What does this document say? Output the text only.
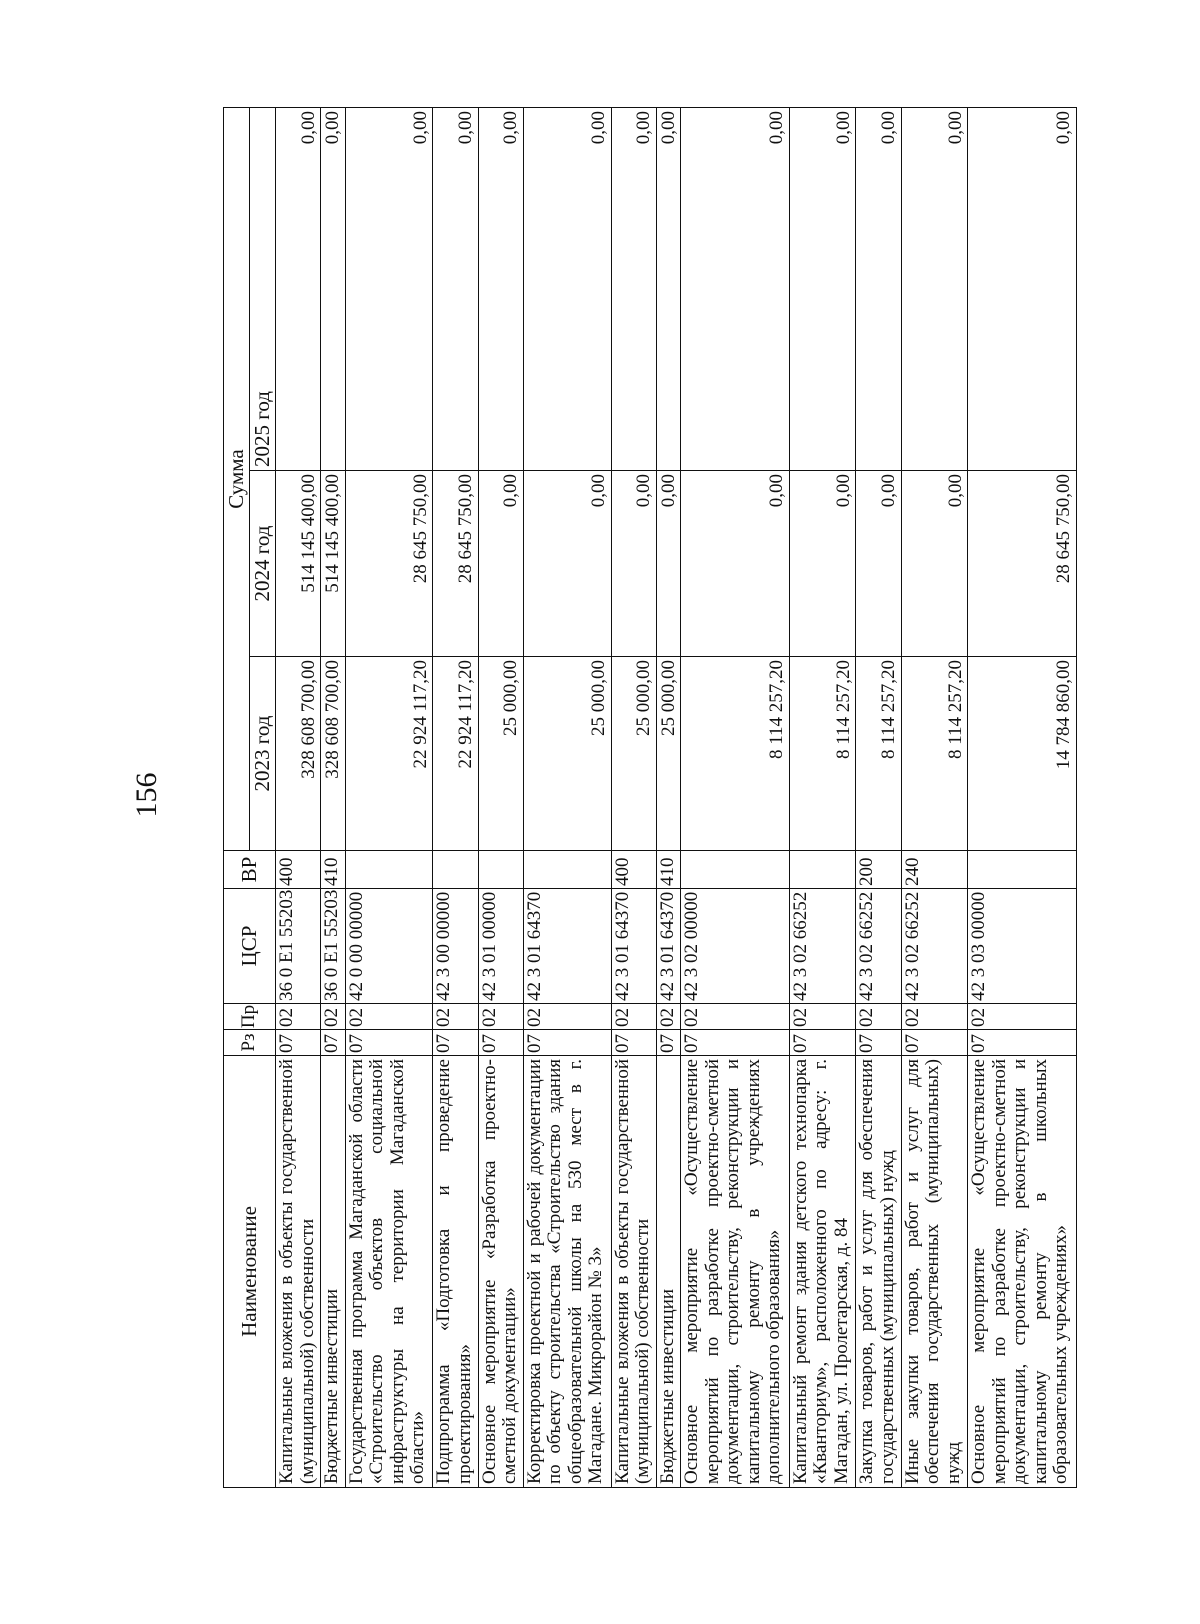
156
Наименование	Рз	Пр	ЦСР	ВР	Сумма		
					2023 год	2024 год	2025 год
Капитальные вложения в объекты государственной (муниципальной) собственности	07	02	36 0 E1 55203	400	328 608 700,00	514 145 400,00	0,00
Бюджетные инвестиции	07	02	36 0 E1 55203	410	328 608 700,00	514 145 400,00	0,00
Государственная программа Магаданской области «Строительство объектов социальной инфраструктуры на территории Магаданской области»	07	02	42 0 00 00000		22 924 117,20	28 645 750,00	0,00
Подпрограмма «Подготовка и проведение проектирования»	07	02	42 3 00 00000		22 924 117,20	28 645 750,00	0,00
Основное мероприятие «Разработка проектно-сметной документации»	07	02	42 3 01 00000		25 000,00	0,00	0,00
Корректировка проектной и рабочей документации по объекту строительства «Строительство здания общеобразовательной школы на 530 мест в г. Магадане. Микрорайон № 3»	07	02	42 3 01 64370		25 000,00	0,00	0,00
Капитальные вложения в объекты государственной (муниципальной) собственности	07	02	42 3 01 64370	400	25 000,00	0,00	0,00
Бюджетные инвестиции	07	02	42 3 01 64370	410	25 000,00	0,00	0,00
Основное мероприятие «Осуществление мероприятий по разработке проектно-сметной документации, строительству, реконструкции и капитальному ремонту в учреждениях дополнительного образования»	07	02	42 3 02 00000		8 114 257,20	0,00	0,00
Капитальный ремонт здания детского технопарка «Кванториум», расположенного по адресу: г. Магадан, ул. Пролетарская, д. 84	07	02	42 3 02 66252		8 114 257,20	0,00	0,00
Закупка товаров, работ и услуг для обеспечения государственных (муниципальных) нужд	07	02	42 3 02 66252	200	8 114 257,20	0,00	0,00
Иные закупки товаров, работ и услуг для обеспечения государственных (муниципальных) нужд	07	02	42 3 02 66252	240	8 114 257,20	0,00	0,00
Основное мероприятие «Осуществление мероприятий по разработке проектно-сметной документации, строительству, реконструкции и капитальному ремонту в школьных образовательных учреждениях»	07	02	42 3 03 00000		14 784 860,00	28 645 750,00	0,00
